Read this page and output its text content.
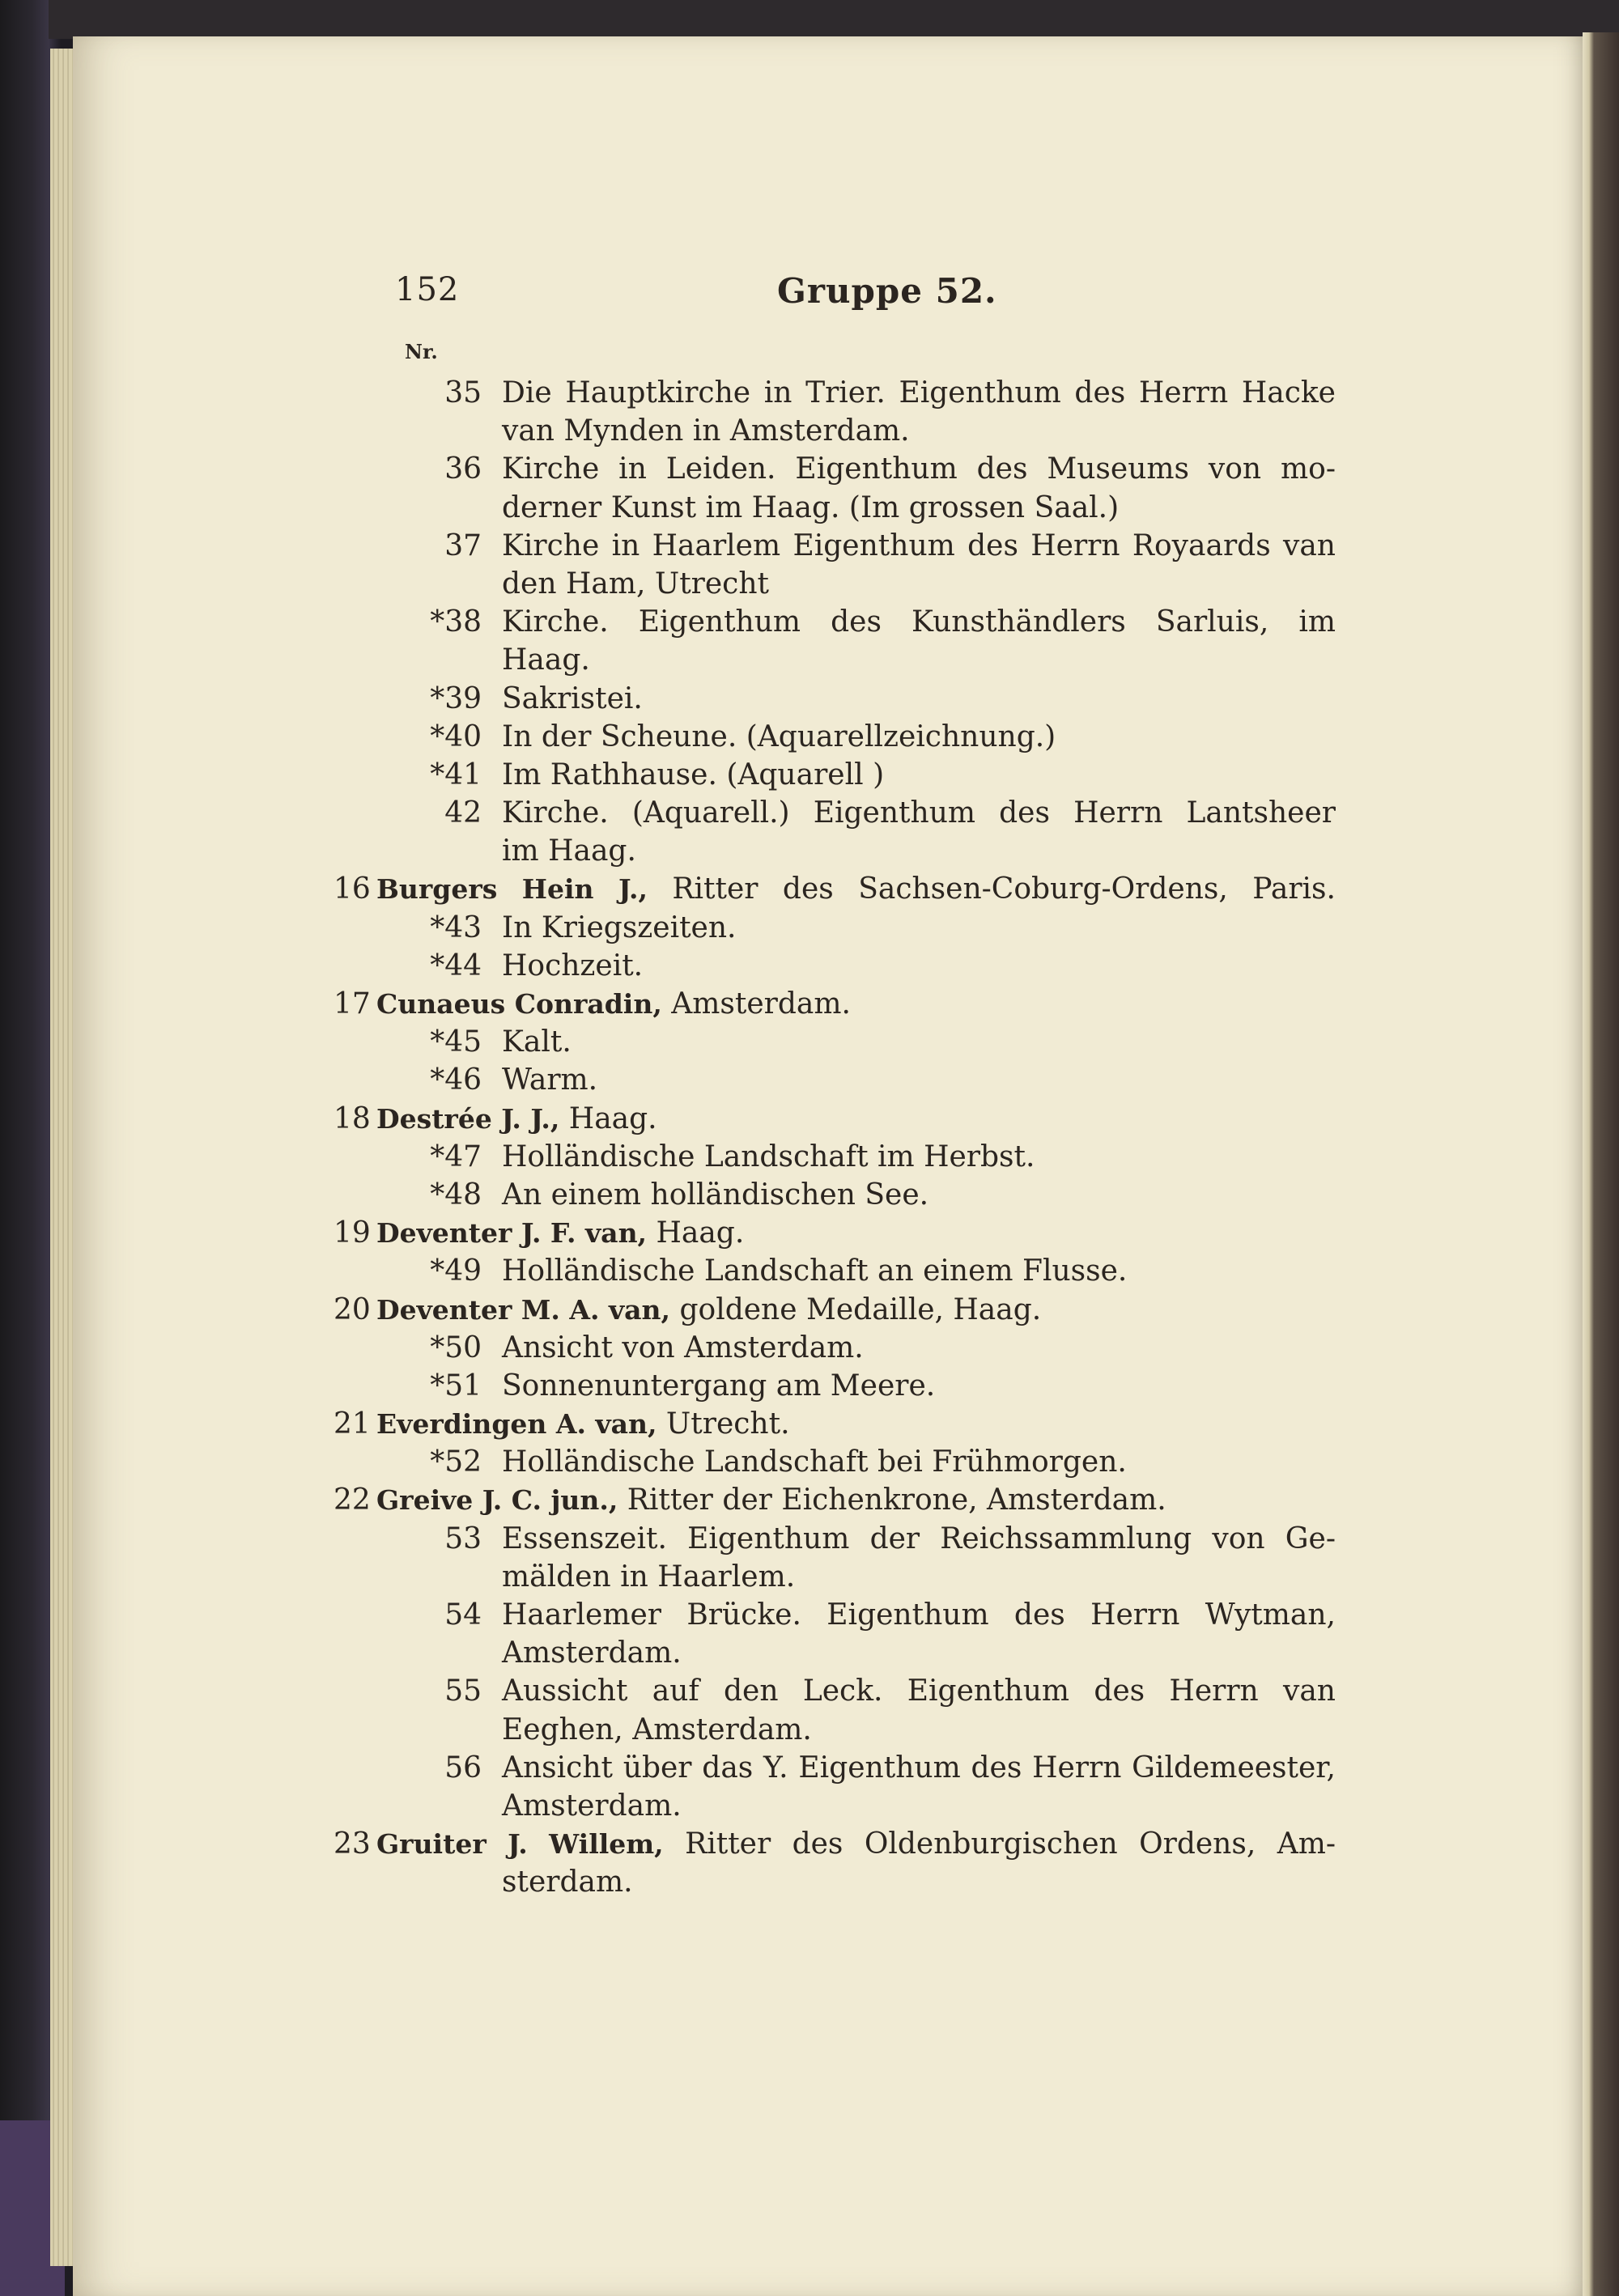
152	Gruppe 52.
Nr.
35 Die Hauptkirche in Trier. Eigenthum des Herrn Hacke
van Mynden in Amsterdam.
36 Kirche in Leiden. Eigenthum des Museums von mo-
derner Kunst im Haag. (Im grossen Saal.)
37 Kirche in Haarlem Eigenthum des Herrn Royaards van
den Ham, Utrecht
*38 Kirche. Eigenthum des Kunsthändlers Sarluis, im
Haag.
*39 Sakristei.
*40 In der Scheune. (Aquarellzeichnung.)
*41 Im Rathhause. (Aquarell )
42 Kirche. (Aquarell.) Eigenthum des Herrn Lantsheer
im Haag.
16 Burgers Hein J., Ritter des Sachsen-Coburg-Ordens, Paris.
*43 In Kriegszeiten.
*44 Hochzeit.
17 Cunaeus Conradin, Amsterdam.
*45 Kalt.
*46 Warm.
18 Destrée J. J., Haag.
*47 Holländische Landschaft im Herbst.
*48 An einem holländischen See.
19 Deventer J. F. van, Haag.
*49 Holländische Landschaft an einem Flusse.
20 Deventer M. A. van, goldene Medaille, Haag.
*50 Ansicht von Amsterdam.
*51 Sonnenuntergang am Meere.
21 Everdingen A. van, Utrecht.
*52 Holländische Landschaft bei Frühmorgen.
22 Greive J. C. jun., Ritter der Eichenkrone, Amsterdam.
53 Essenszeit. Eigenthum der Reichssammlung von Ge-
mälden in Haarlem.
54 Haarlemer Brücke. Eigenthum des Herrn Wytman,
Amsterdam.
55 Aussicht auf den Leck. Eigenthum des Herrn van
Eeghen, Amsterdam.
56 Ansicht über das Y. Eigenthum des Herrn Gildemeester,
Amsterdam.
23 Gruiter J. Willem, Ritter des Oldenburgischen Ordens, Am-
sterdam.
